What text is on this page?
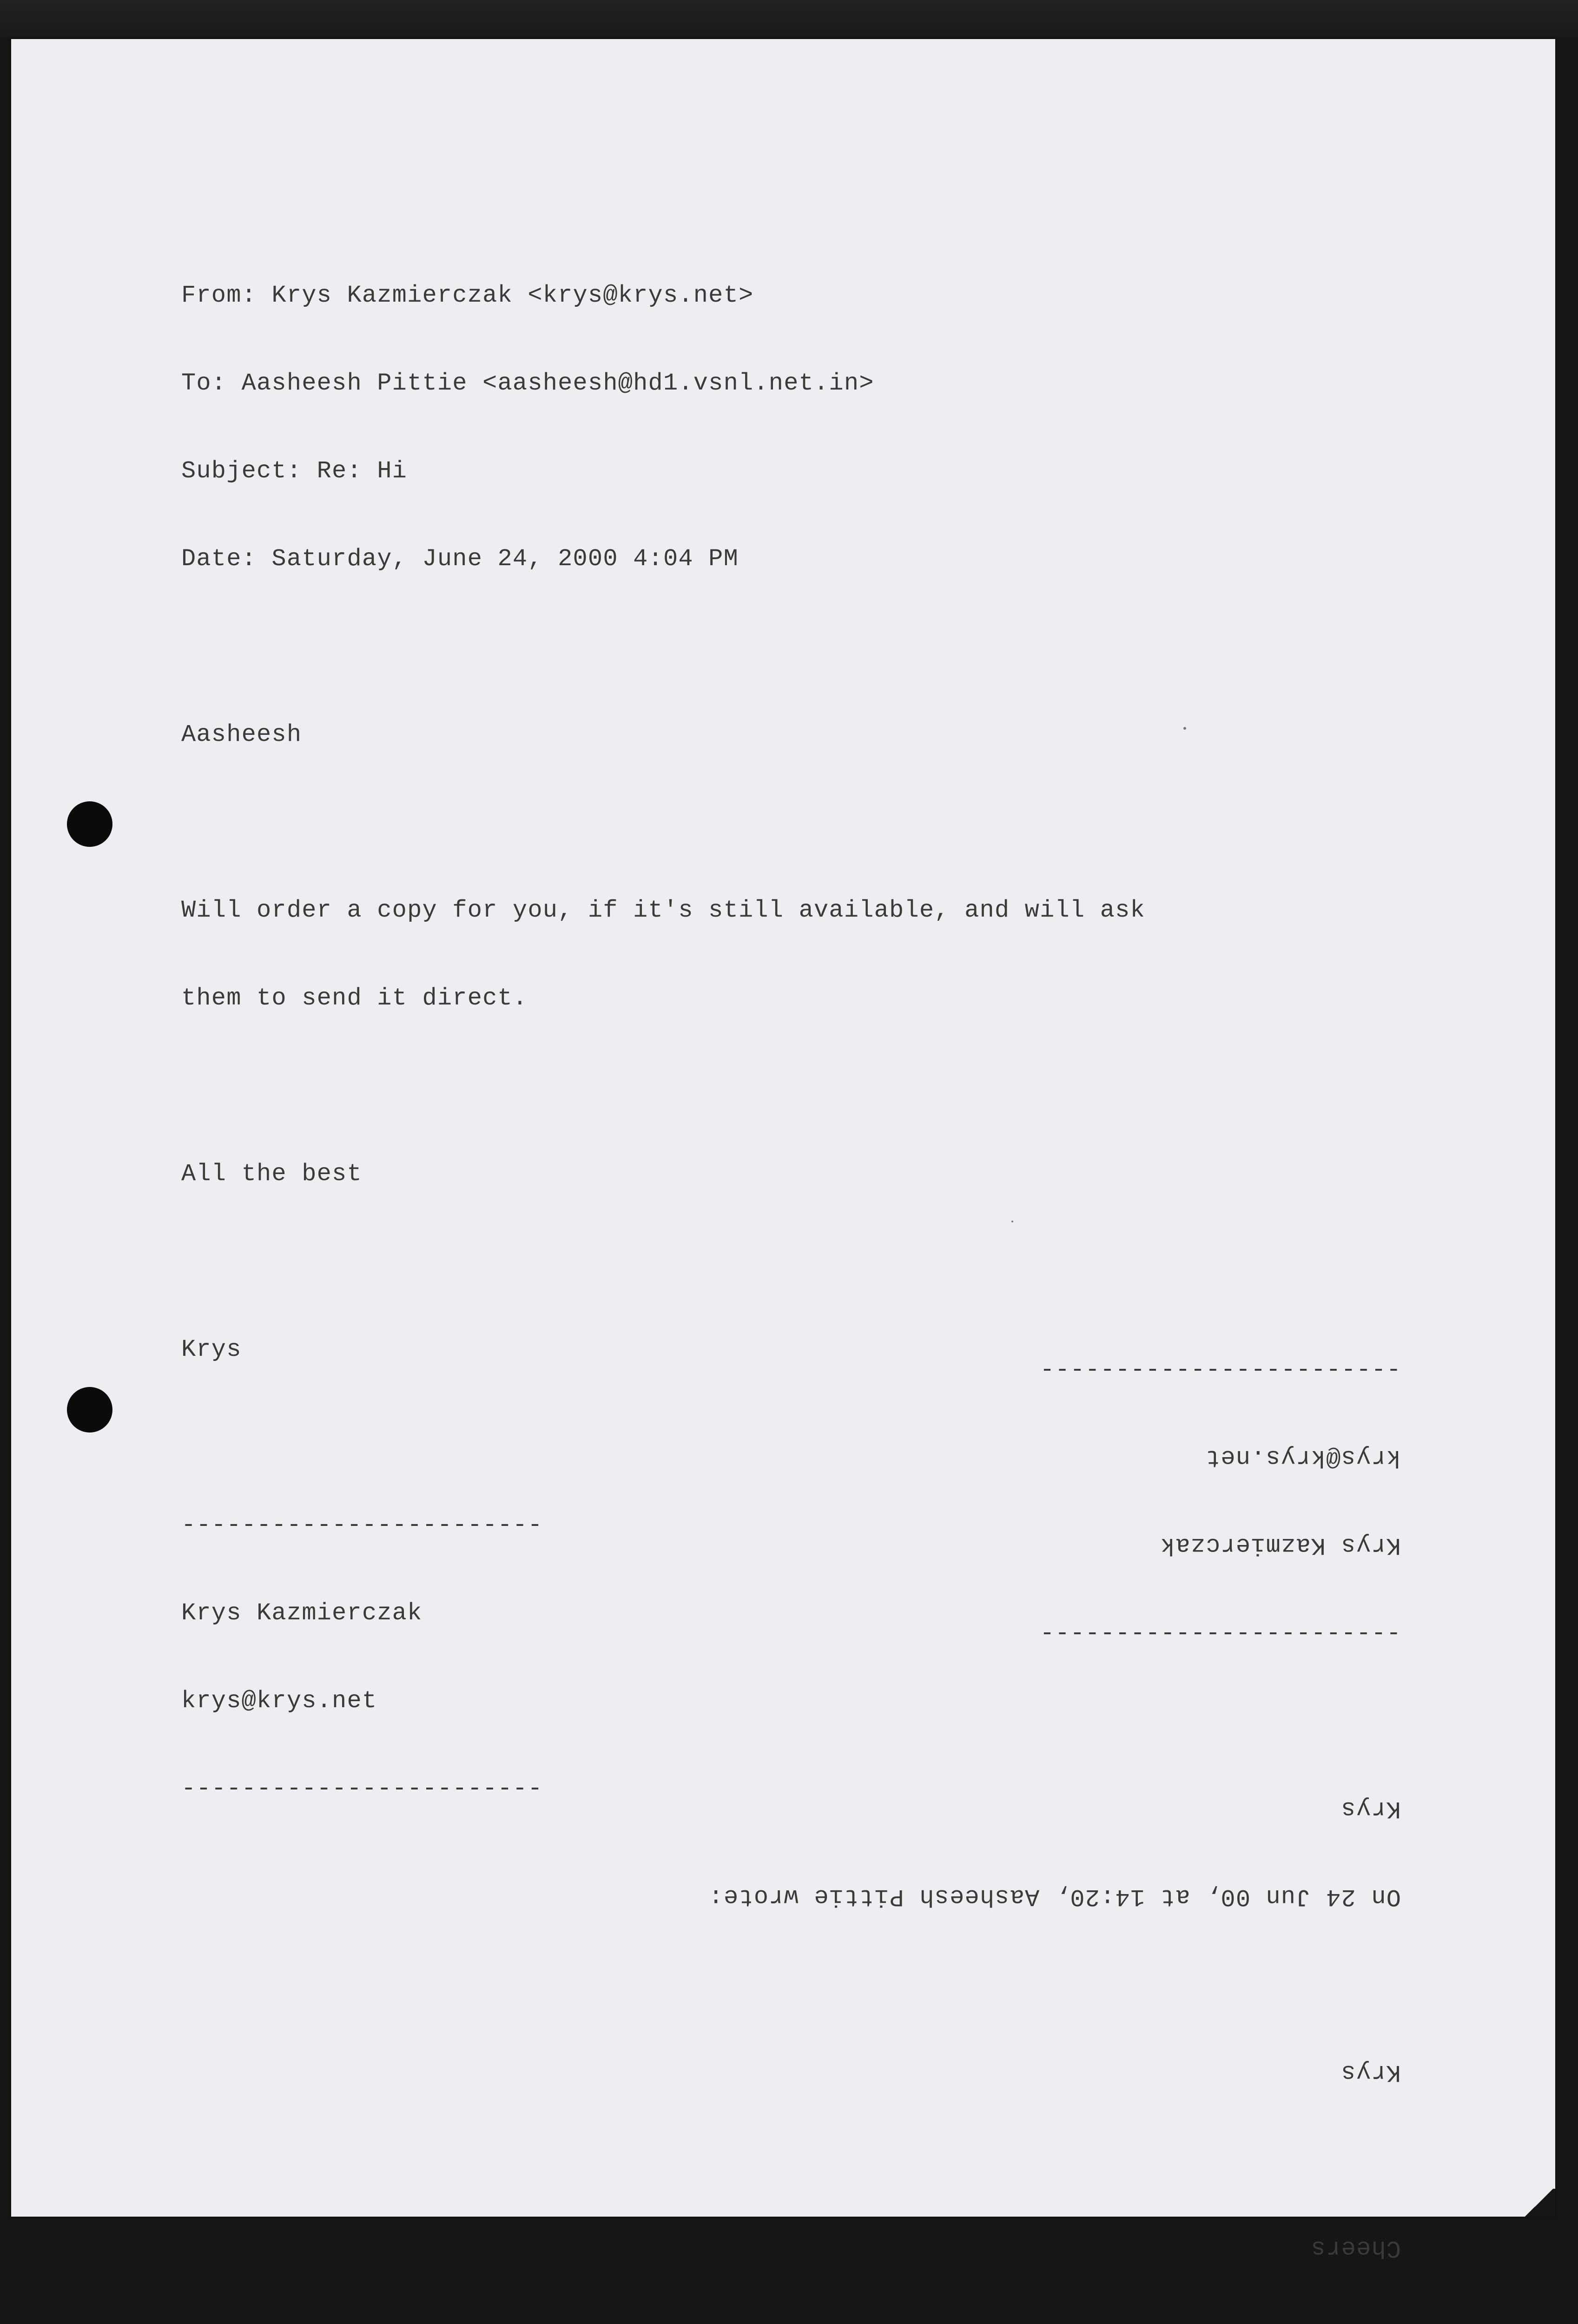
From: Krys Kazmierczak <krys@krys.net>

To: Aasheesh Pittie <aasheesh@hd1.vsnl.net.in>

Subject: Re: Hi

Date: Saturday, June 24, 2000 4:04 PM

Aasheesh

Will order a copy for you, if it's still available, and will ask

them to send it direct.

All the best

Krys

------------------------

Krys Kazmierczak

krys@krys.net

------------------------

Cheers

Krys

On 24 Jun 00, at 14:20, Aasheesh Pittie wrote:

Krys

------------------------

Krys Kazmierczak

krys@krys.net

------------------------
